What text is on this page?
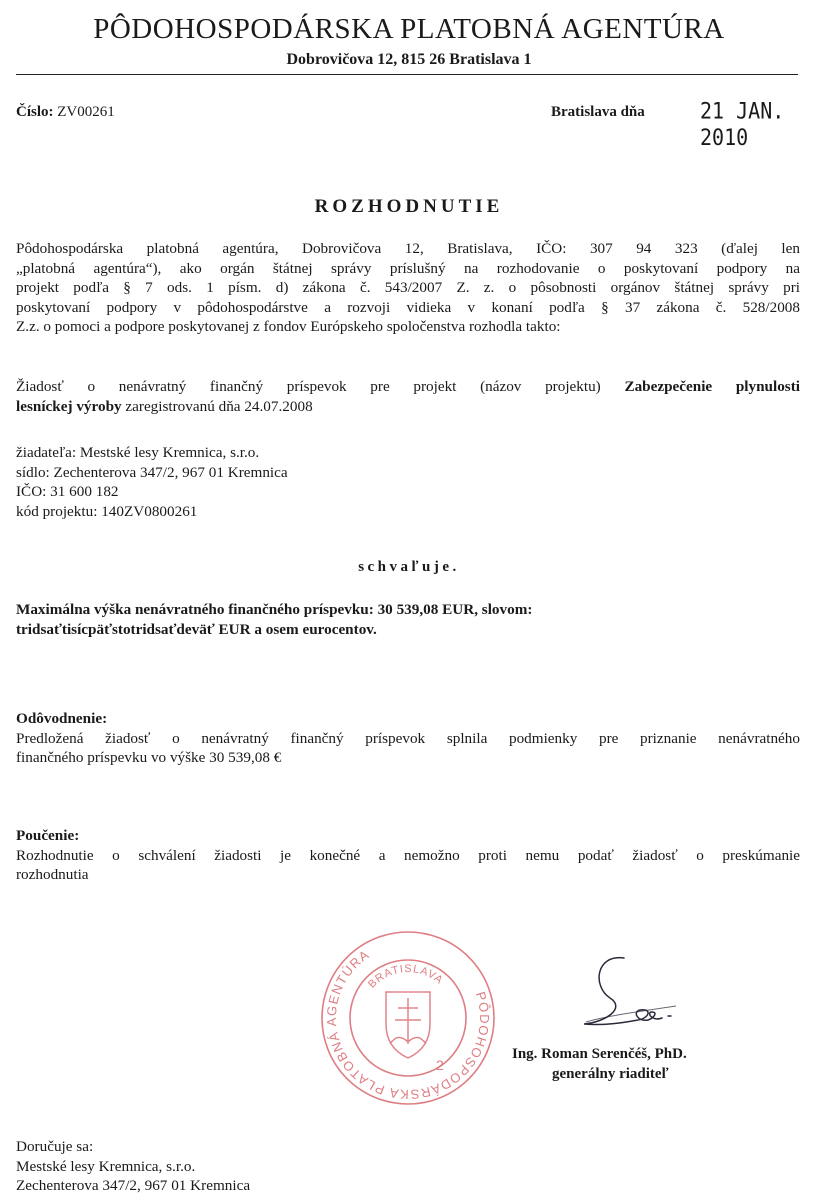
PÔDOHOSPODÁRSKA PLATOBNÁ AGENTÚRA
Dobrovičova 12, 815 26 Bratislava 1
Číslo: ZV00261	Bratislava dňa	21 JAN. 2010
ROZHODNUTIE
Pôdohospodárska platobná agentúra, Dobrovičova 12, Bratislava, IČO: 307 94 323 (ďalej len
„platobná agentúra“), ako orgán štátnej správy príslušný na rozhodovanie o poskytovaní podpory na
projekt podľa § 7 ods. 1 písm. d) zákona č. 543/2007 Z. z. o pôsobnosti orgánov štátnej správy pri
poskytovaní podpory v pôdohospodárstve a rozvoji vidieka v konaní podľa § 37 zákona č. 528/2008
Z.z. o pomoci a podpore poskytovanej z fondov Európskeho spoločenstva rozhodla takto:
Žiadosť o nenávratný finančný príspevok pre projekt (názov projektu) Zabezpečenie plynulosti
lesníckej výroby zaregistrovanú dňa 24.07.2008
žiadateľa: Mestské lesy Kremnica, s.r.o.
sídlo: Zechenterova 347/2, 967 01 Kremnica
IČO: 31 600 182
kód projektu: 140ZV0800261
schvaľuje.
Maximálna výška nenávratného finančného príspevku: 30 539,08 EUR, slovom:
tridsaťtisícpäťstotridsaťdeväť EUR a osem eurocentov.
Odôvodnenie:
Predložená žiadosť o nenávratný finančný príspevok splnila podmienky pre priznanie nenávratného
finančného príspevku vo výške 30 539,08 €
Poučenie:
Rozhodnutie o schválení žiadosti je konečné a nemožno proti nemu podať žiadosť o preskúmanie
rozhodnutia
PÔDOHOSPODÁRSKA PLATOBNÁ AGENTÚRA
BRATISLAVA
2
Ing. Roman Serenčéš, PhD.
generálny riaditeľ
Doručuje sa:
Mestské lesy Kremnica, s.r.o.
Zechenterova 347/2, 967 01 Kremnica
